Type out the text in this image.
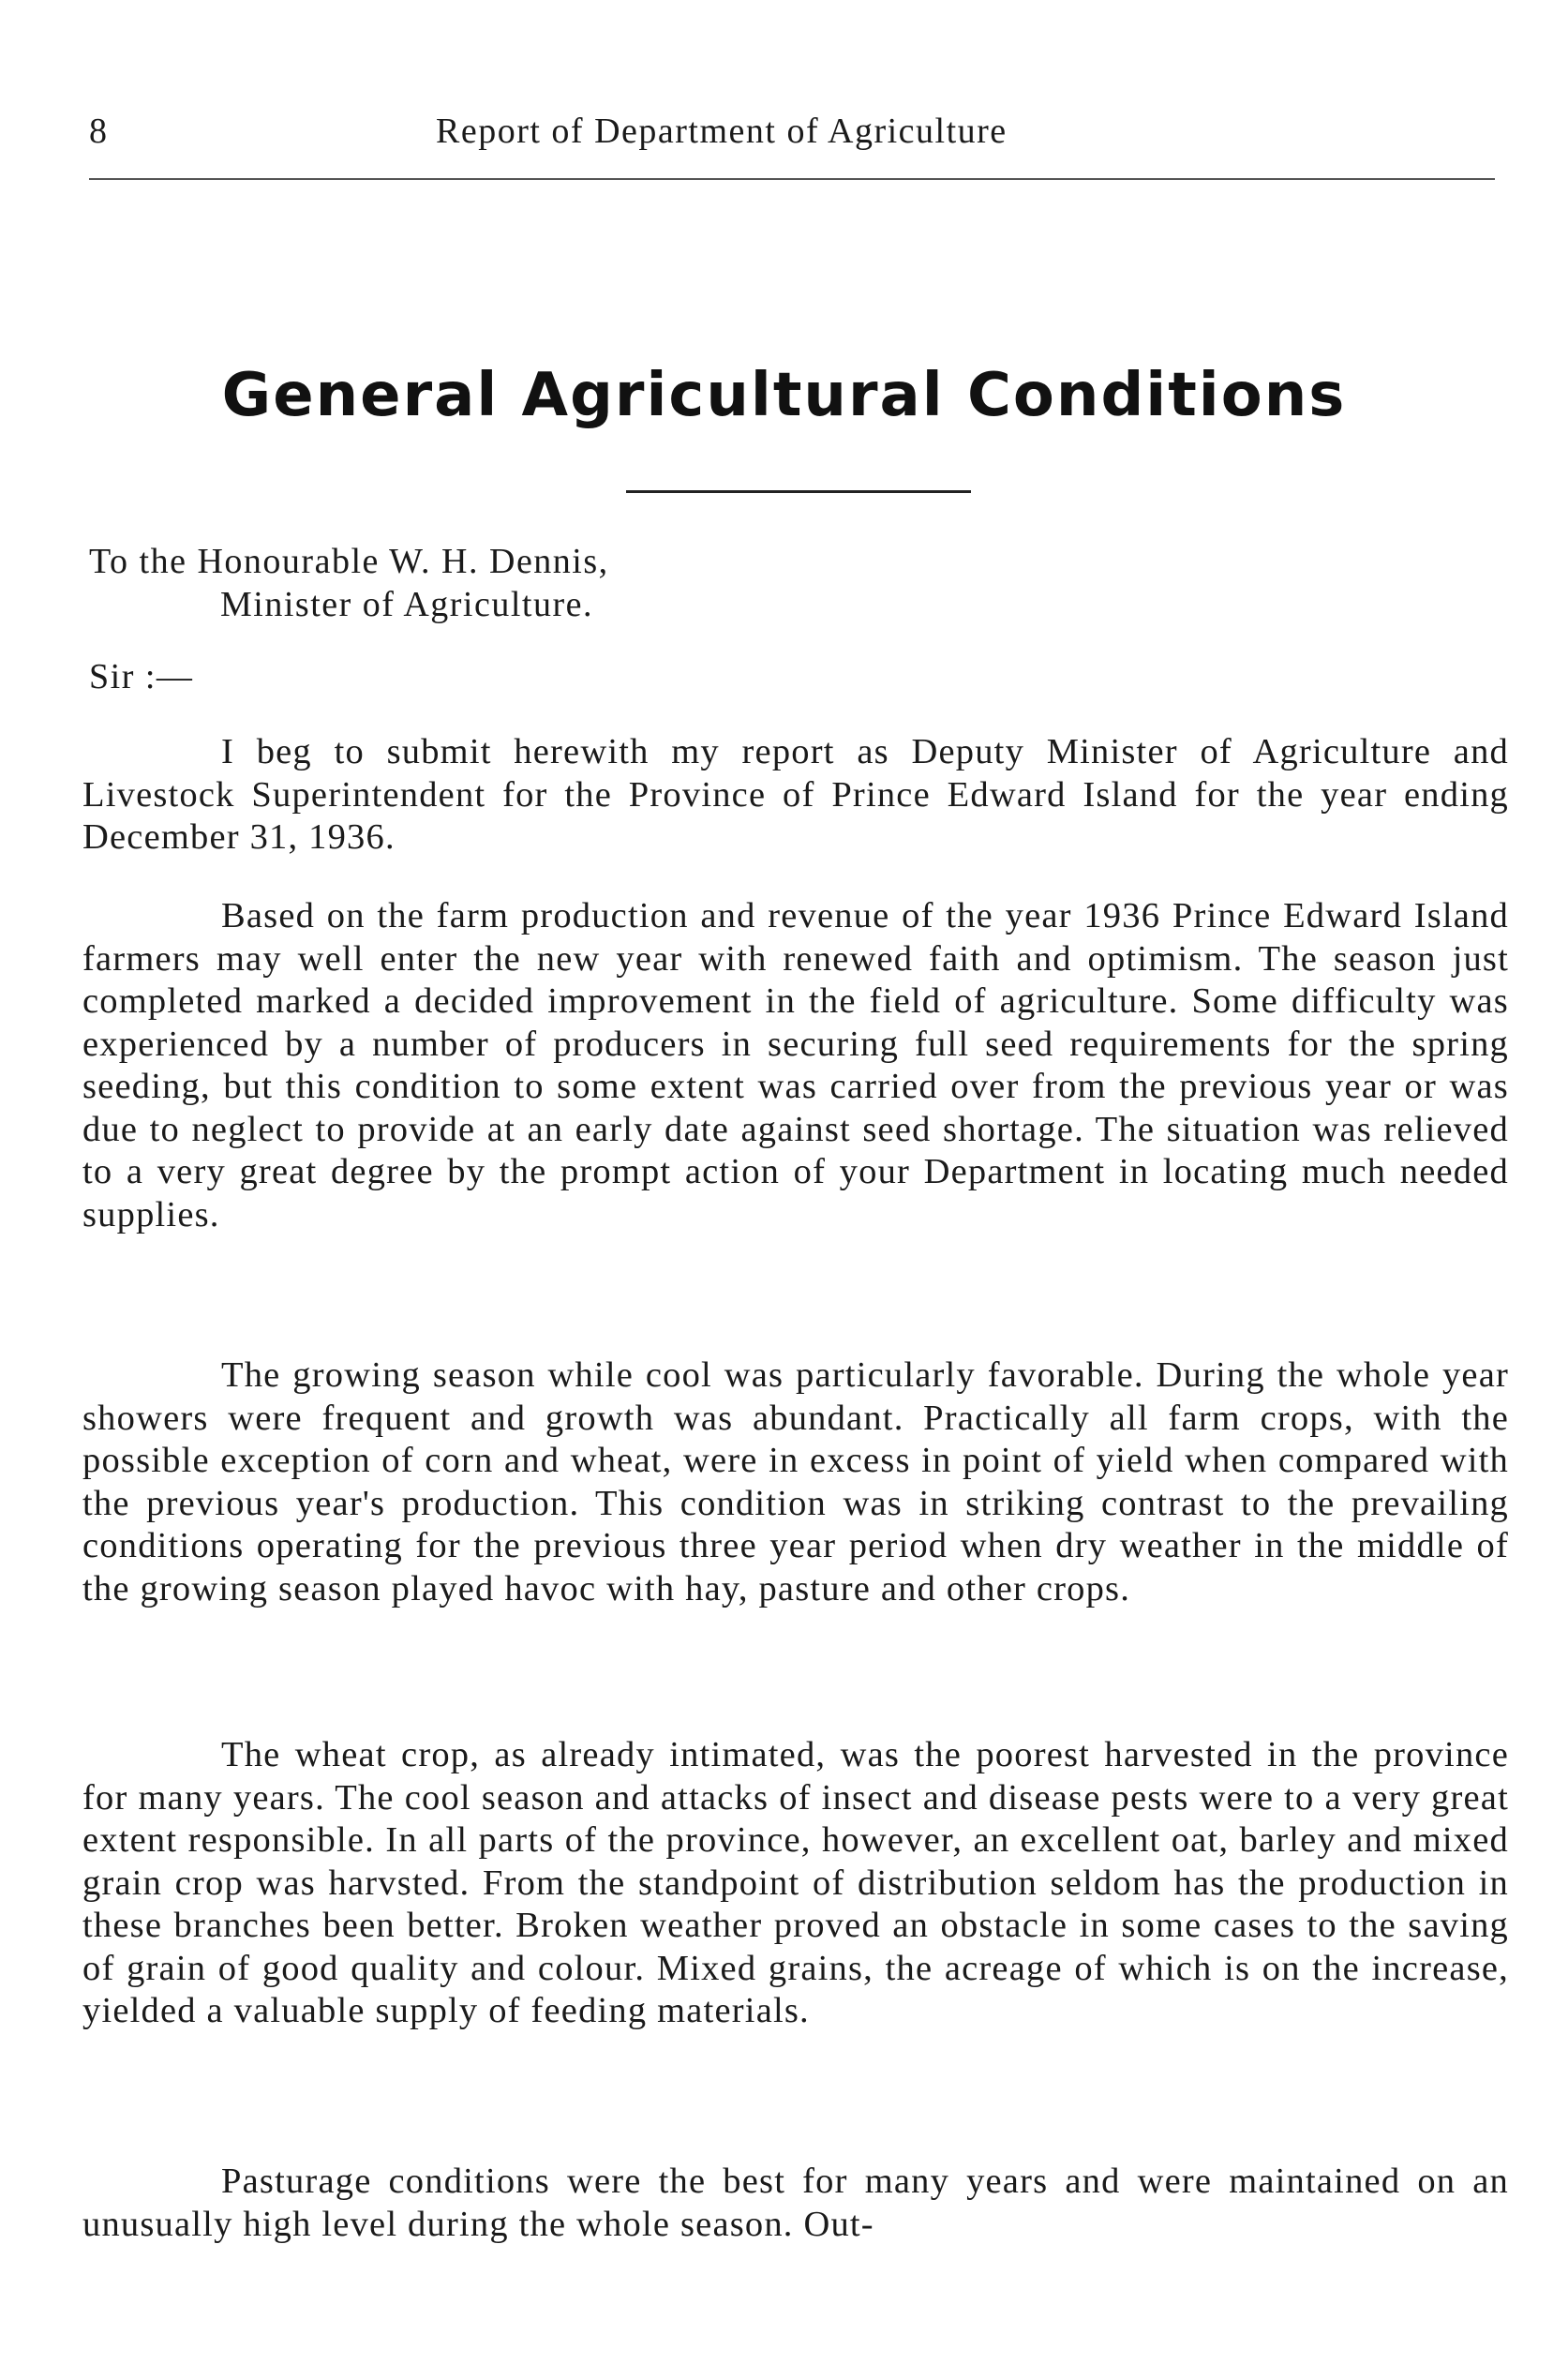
8	Report of Department of Agriculture
General Agricultural Conditions
To the Honourable W. H. Dennis,
Minister of Agriculture.
Sir :—

I beg to submit herewith my report as Deputy Minister of Agriculture and Livestock Superintendent for the Province of Prince Edward Island for the year ending December 31, 1936.

Based on the farm production and revenue of the year 1936 Prince Edward Island farmers may well enter the new year with renewed faith and optimism. The season just completed marked a decided improvement in the field of agriculture. Some difficulty was experienced by a number of producers in securing full seed requirements for the spring seeding, but this condition to some extent was carried over from the previous year or was due to neglect to provide at an early date against seed shortage. The situation was relieved to a very great degree by the prompt action of your Department in locating much needed supplies.

The growing season while cool was particularly favorable. During the whole year showers were frequent and growth was abundant. Practically all farm crops, with the possible exception of corn and wheat, were in excess in point of yield when compared with the previous year's production. This condition was in striking contrast to the prevailing conditions operating for the previous three year period when dry weather in the middle of the growing season played havoc with hay, pasture and other crops.

The wheat crop, as already intimated, was the poorest harvested in the province for many years. The cool season and attacks of insect and disease pests were to a very great extent responsible. In all parts of the province, however, an excellent oat, barley and mixed grain crop was harvsted. From the standpoint of distribution seldom has the production in these branches been better. Broken weather proved an obstacle in some cases to the saving of grain of good quality and colour. Mixed grains, the acreage of which is on the increase, yielded a valuable supply of feeding materials.

Pasturage conditions were the best for many years and were maintained on an unusually high level during the whole season. Out-
